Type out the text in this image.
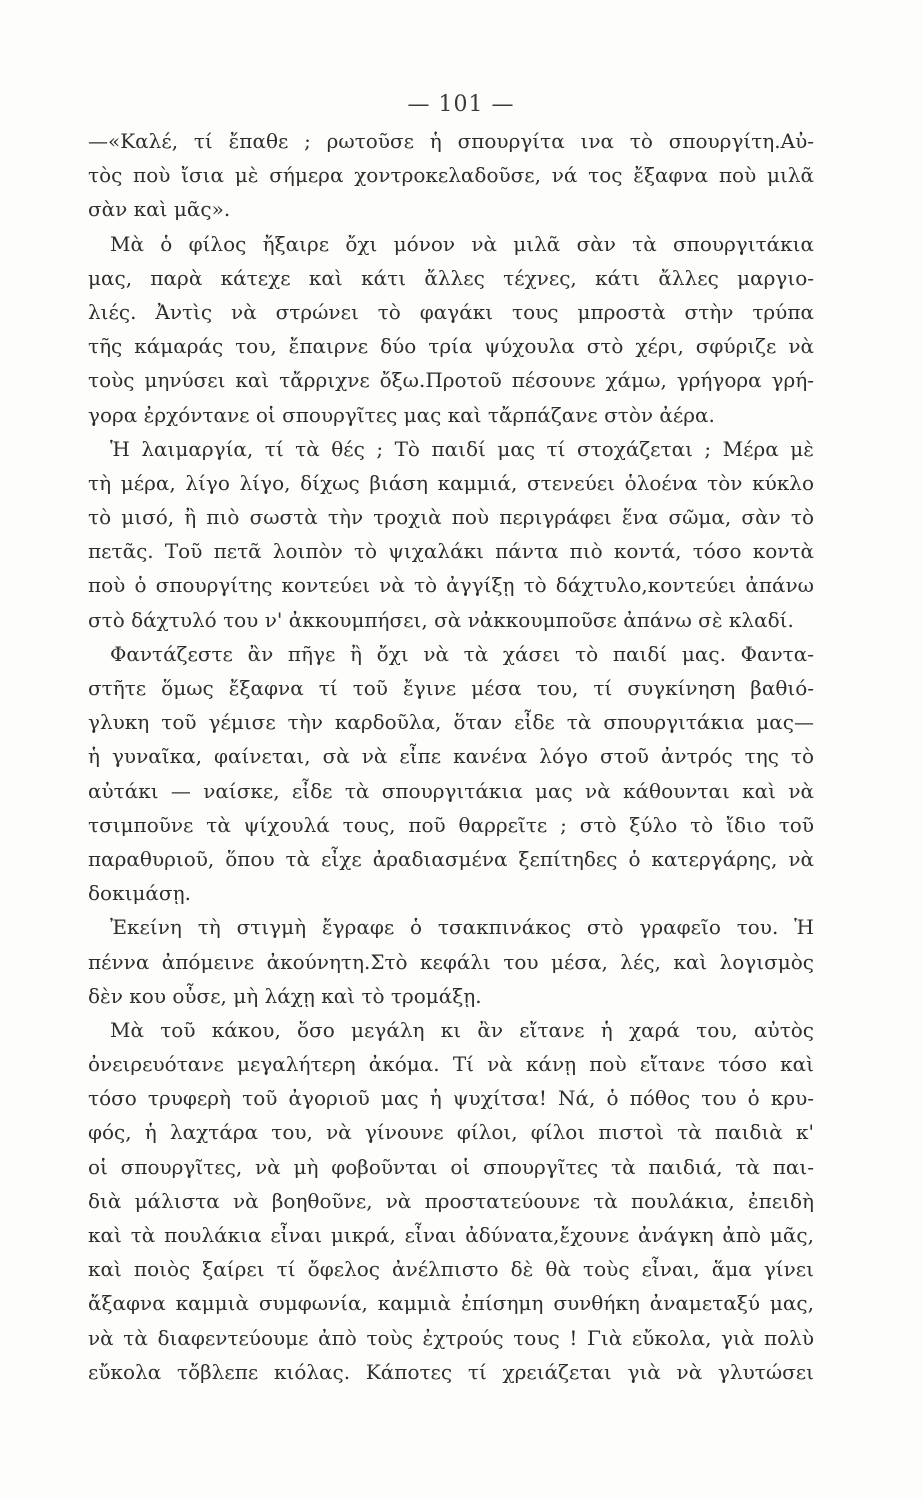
— 101 —
—«Καλέ, τί ἔπαθε ; ρωτοῦσε ἡ σπουργίτα ινα τὸ σπουργίτη.Αὐ-
τὸς ποὺ ἴσια μὲ σήμερα χοντροκελαδοῦσε, νά τος ἔξαφνα ποὺ μιλᾶ
σὰν καὶ μᾶς».
Μὰ ὁ φίλος ἤξαιρε ὄχι μόνον νὰ μιλᾶ σὰν τὰ σπουργιτάκια
μας, παρὰ κάτεχε καὶ κάτι ἄλλες τέχνες, κάτι ἄλλες μαργιο-
λιές. Ἀντὶς νὰ στρώνει τὸ φαγάκι τους μπροστὰ στὴν τρύπα
τῆς κάμαράς του, ἔπαιρνε δύο τρία ψύχουλα στὸ χέρι, σφύριζε νὰ
τοὺς μηνύσει καὶ τἄρριχνε ὄξω.Προτοῦ πέσουνε χάμω, γρήγορα γρή-
γορα ἐρχόντανε οἱ σπουργῖτες μας καὶ τἄρπάζανε στὸν ἀέρα.
Ἡ λαιμαργία, τί τὰ θές ; Τὸ παιδί μας τί στοχάζεται ; Μέρα μὲ
τὴ μέρα, λίγο λίγο, δίχως βιάση καμμιά, στενεύει ὁλοένα τὸν κύκλο
τὸ μισό, ἢ πιὸ σωστὰ τὴν τροχιὰ ποὺ περιγράφει ἕνα σῶμα, σὰν τὸ
πετᾶς. Τοῦ πετᾶ λοιπὸν τὸ ψιχαλάκι πάντα πιὸ κοντά, τόσο κοντὰ
ποὺ ὁ σπουργίτης κοντεύει νὰ τὸ ἀγγίξῃ τὸ δάχτυλο,κοντεύει ἀπάνω
στὸ δάχτυλό του ν' ἀκκουμπήσει, σὰ νἀκκουμποῦσε ἀπάνω σὲ κλαδί.
Φαντάζεστε ἂν πῆγε ἢ ὄχι νὰ τὰ χάσει τὸ παιδί μας. Φαντα-
στῆτε ὅμως ἔξαφνα τί τοῦ ἔγινε μέσα του, τί συγκίνηση βαθιό-
γλυκη τοῦ γέμισε τὴν καρδοῦλα, ὅταν εἶδε τὰ σπουργιτάκια μας—
ἡ γυναῖκα, φαίνεται, σὰ νὰ εἶπε κανένα λόγο στοῦ ἀντρός της τὸ
αὐτάκι — ναίσκε, εἶδε τὰ σπουργιτάκια μας νὰ κάθουνται καὶ νὰ
τσιμποῦνε τὰ ψίχουλά τους, ποῦ θαρρεῖτε ; στὸ ξύλο τὸ ἴδιο τοῦ
παραθυριοῦ, ὅπου τὰ εἶχε ἀραδιασμένα ξεπίτηδες ὁ κατεργάρης, νὰ
δοκιμάσῃ.
Ἐκείνη τὴ στιγμὴ ἔγραφε ὁ τσακπινάκος στὸ γραφεῖο του. Ἡ
πέννα ἀπόμεινε ἀκούνητη.Στὸ κεφάλι του μέσα, λές, καὶ λογισμὸς
δὲν κου οὖσε, μὴ λάχῃ καὶ τὸ τρομάξῃ.
Μὰ τοῦ κάκου, ὅσο μεγάλη κι ἂν εἴτανε ἡ χαρά του, αὐτὸς
ὀνειρευότανε μεγαλήτερη ἀκόμα. Τί νὰ κάνῃ ποὺ εἴτανε τόσο καὶ
τόσο τρυφερὴ τοῦ ἀγοριοῦ μας ἡ ψυχίτσα! Νά, ὁ πόθος του ὁ κρυ-
φός, ἡ λαχτάρα του, νὰ γίνουνε φίλοι, φίλοι πιστοὶ τὰ παιδιὰ κ'
οἱ σπουργῖτες, νὰ μὴ φοβοῦνται οἱ σπουργῖτες τὰ παιδιά, τὰ παι-
διὰ μάλιστα νὰ βοηθοῦνε, νὰ προστατεύουνε τὰ πουλάκια, ἐπειδὴ
καὶ τὰ πουλάκια εἶναι μικρά, εἶναι ἀδύνατα,ἔχουνε ἀνάγκη ἀπὸ μᾶς,
καὶ ποιὸς ξαίρει τί ὄφελος ἀνέλπιστο δὲ θὰ τοὺς εἶναι, ἅμα γίνει
ἄξαφνα καμμιὰ συμφωνία, καμμιὰ ἐπίσημη συνθήκη ἀναμεταξύ μας,
νὰ τὰ διαφεντεύουμε ἀπὸ τοὺς ἐχτρούς τους ! Γιὰ εὔκολα, γιὰ πολὺ
εὔκολα τὄβλεπε κιόλας. Κάποτες τί χρειάζεται γιὰ νὰ γλυτώσει
